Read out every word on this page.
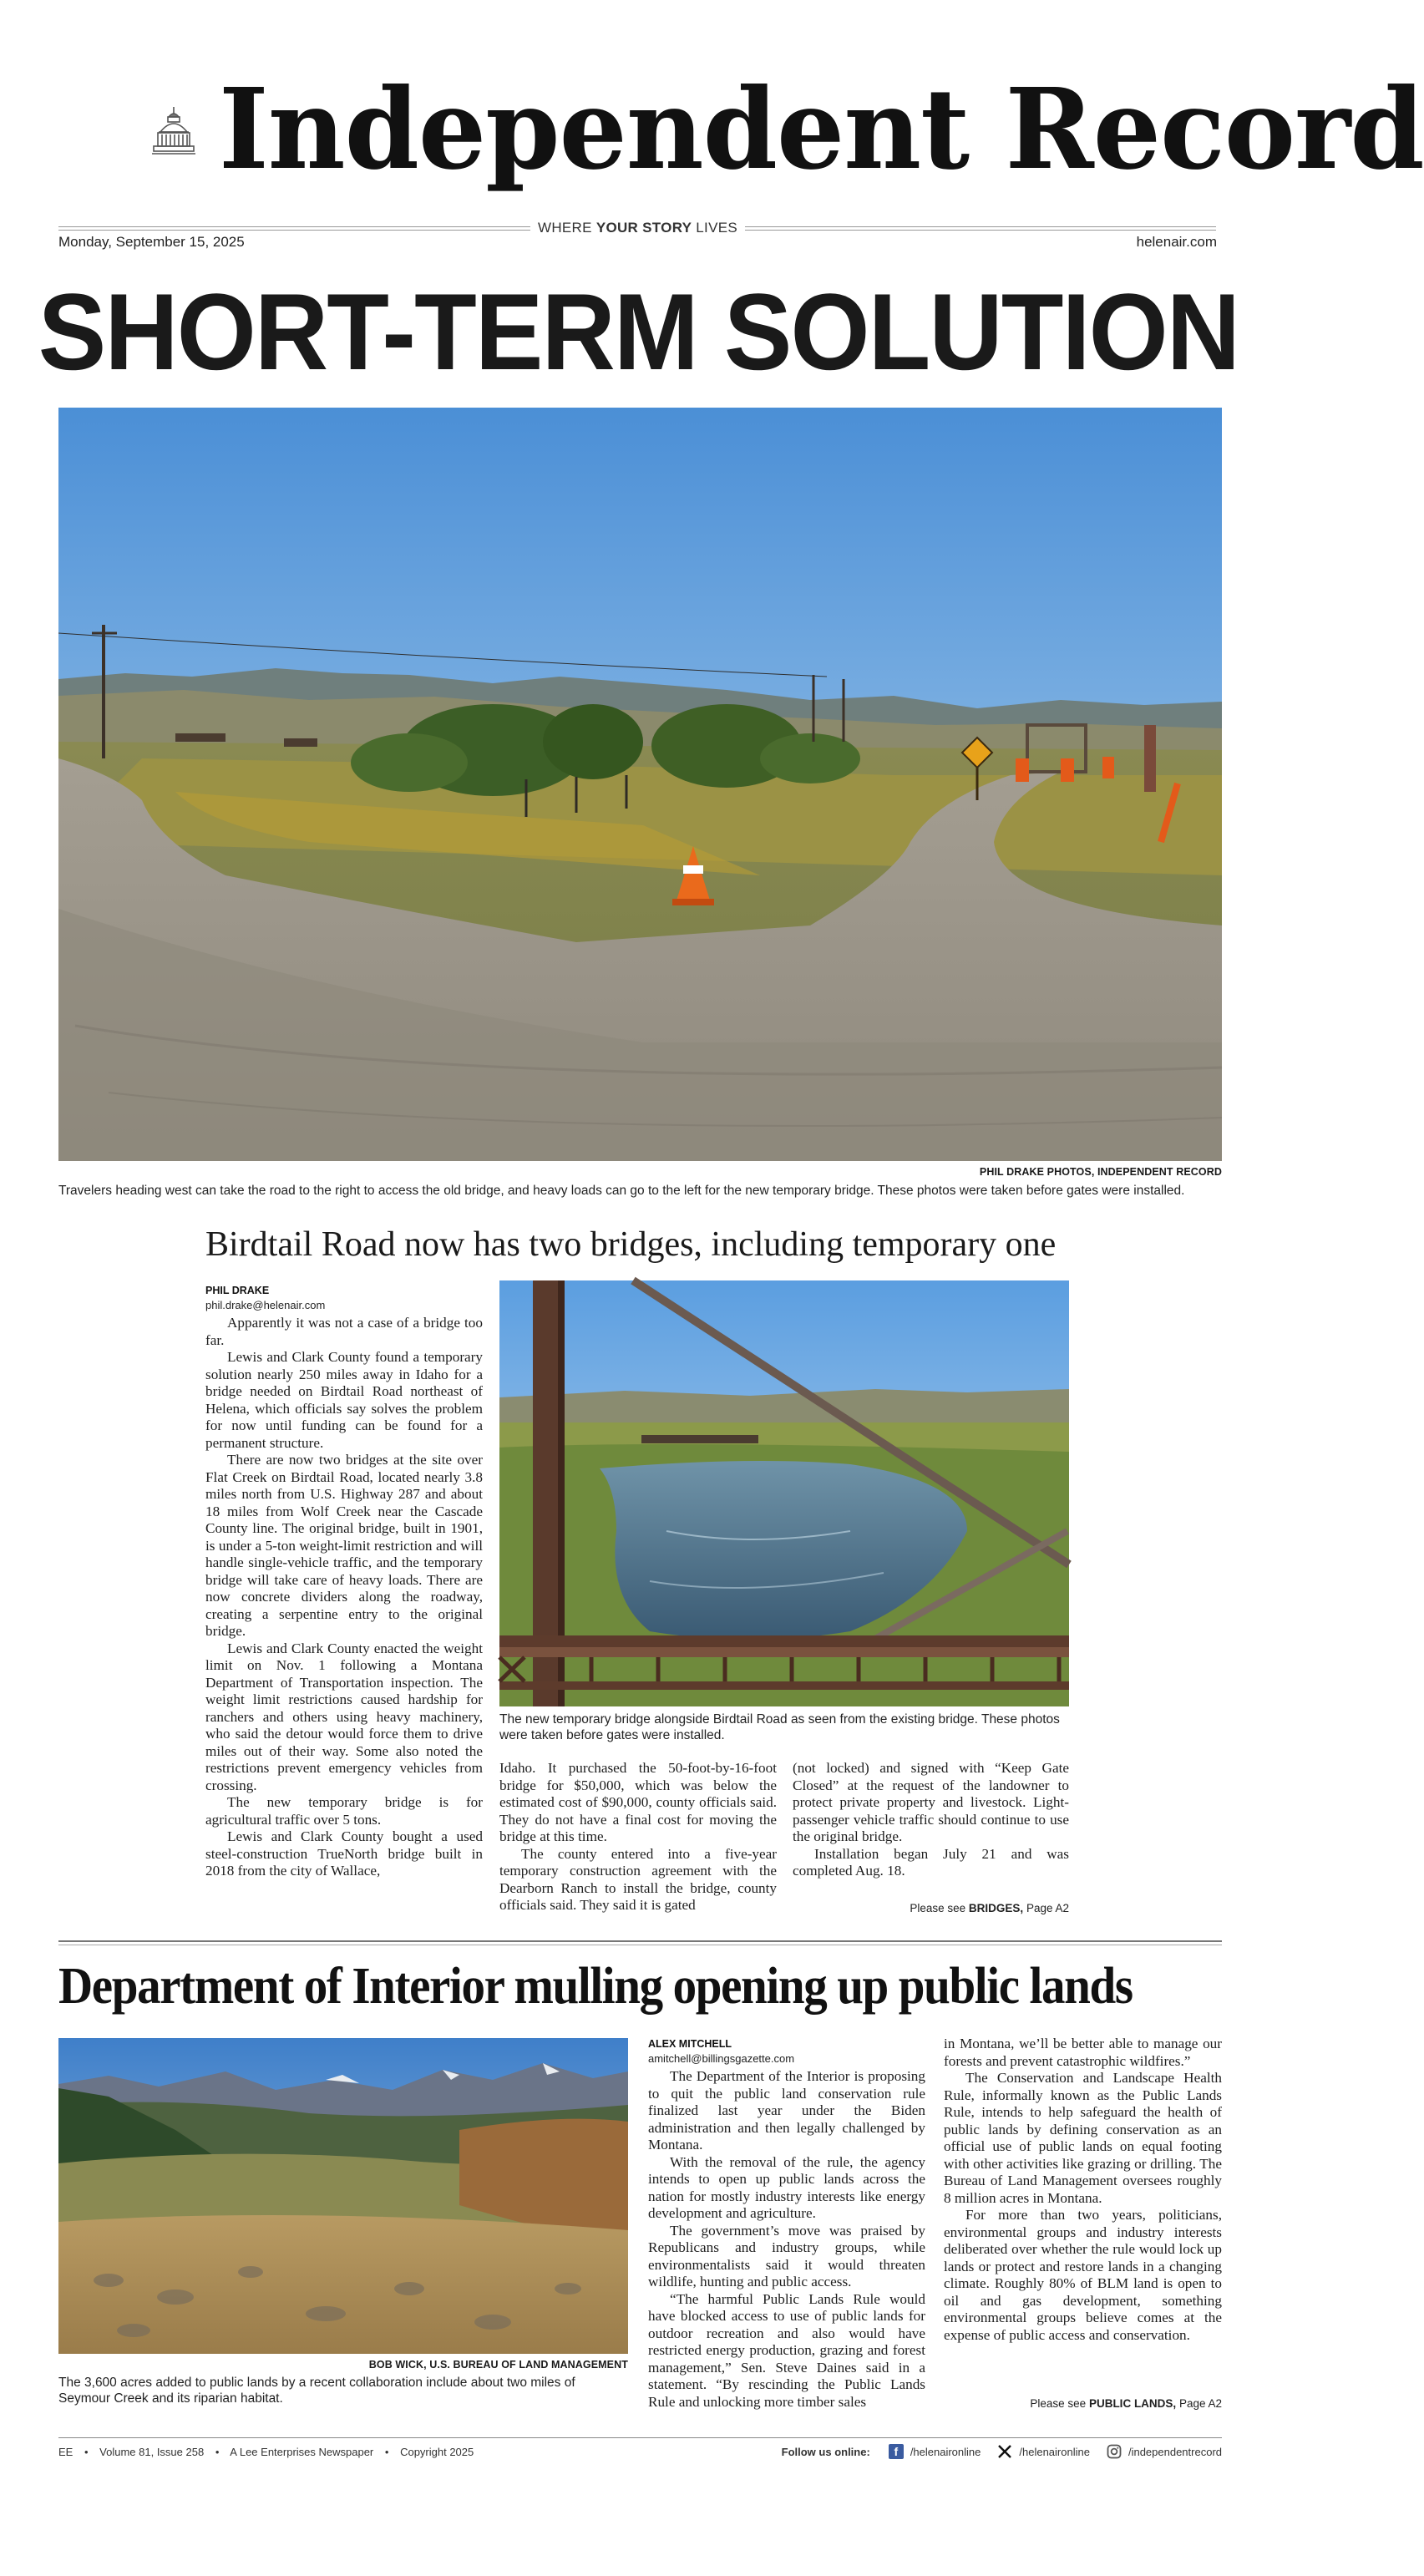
Independent Record
WHERE YOUR STORY LIVES
Monday, September 15, 2025	helenair.com
SHORT-TERM SOLUTION
PHIL DRAKE PHOTOS, INDEPENDENT RECORD
Travelers heading west can take the road to the right to access the old bridge, and heavy loads can go to the left for the new temporary bridge. These photos were taken before gates were installed.
Birdtail Road now has two bridges, including temporary one
PHIL DRAKE
phil.drake@helenair.com

Apparently it was not a case of a bridge too far.

Lewis and Clark County found a temporary solution nearly 250 miles away in Idaho for a bridge needed on Birdtail Road northeast of Helena, which officials say solves the problem for now until funding can be found for a permanent structure.

There are now two bridges at the site over Flat Creek on Birdtail Road, located nearly 3.8 miles north from U.S. Highway 287 and about 18 miles from Wolf Creek near the Cascade County line. The original bridge, built in 1901, is under a 5-ton weight-limit restriction and will handle single-vehicle traffic, and the temporary bridge will take care of heavy loads. There are now concrete dividers along the roadway, creating a serpentine entry to the original bridge.

Lewis and Clark County enacted the weight limit on Nov. 1 following a Montana Department of Transportation inspection. The weight limit restrictions caused hardship for ranchers and others using heavy machinery, who said the detour would force them to drive miles out of their way. Some also noted the restrictions prevent emergency vehicles from crossing.

The new temporary bridge is for agricultural traffic over 5 tons.

Lewis and Clark County bought a used steel-construction TrueNorth bridge built in 2018 from the city of Wallace,

The new temporary bridge alongside Birdtail Road as seen from the existing bridge. These photos were taken before gates were installed.

Idaho. It purchased the 50-foot-by-16-foot bridge for $50,000, which was below the estimated cost of $90,000, county officials said. They do not have a final cost for moving the bridge at this time.

The county entered into a five-year temporary construction agreement with the Dearborn Ranch to install the bridge, county officials said. They said it is gated

(not locked) and signed with “Keep Gate Closed” at the request of the landowner to protect private property and livestock. Light-passenger vehicle traffic should continue to use the original bridge.

Installation began July 21 and was completed Aug. 18.

Please see BRIDGES, Page A2
Department of Interior mulling opening up public lands
BOB WICK, U.S. BUREAU OF LAND MANAGEMENT
The 3,600 acres added to public lands by a recent collaboration include about two miles of Seymour Creek and its riparian habitat.
ALEX MITCHELL
amitchell@billingsgazette.com

The Department of the Interior is proposing to quit the public land conservation rule finalized last year under the Biden administration and then legally challenged by Montana.

With the removal of the rule, the agency intends to open up public lands across the nation for mostly industry interests like energy development and agriculture.

The government’s move was praised by Republicans and industry groups, while environmentalists said it would threaten wildlife, hunting and public access.

“The harmful Public Lands Rule would have blocked access to use of public lands for outdoor recreation and also would have restricted energy production, grazing and forest management,” Sen. Steve Daines said in a statement. “By rescinding the Public Lands Rule and unlocking more timber sales

in Montana, we’ll be better able to manage our forests and prevent catastrophic wildfires.”

The Conservation and Landscape Health Rule, informally known as the Public Lands Rule, intends to help safeguard the health of public lands by defining conservation as an official use of public lands on equal footing with other activities like grazing or drilling. The Bureau of Land Management oversees roughly 8 million acres in Montana.

For more than two years, politicians, environmental groups and industry interests deliberated over whether the rule would lock up lands or protect and restore lands in a changing climate. Roughly 80% of BLM land is open to oil and gas development, something environmental groups believe comes at the expense of public access and conservation.

Please see PUBLIC LANDS, Page A2
EE • Volume 81, Issue 258 • A Lee Enterprises Newspaper • Copyright 2025	Follow us online:	f	/helenaironline	/helenaironline	/independentrecord
